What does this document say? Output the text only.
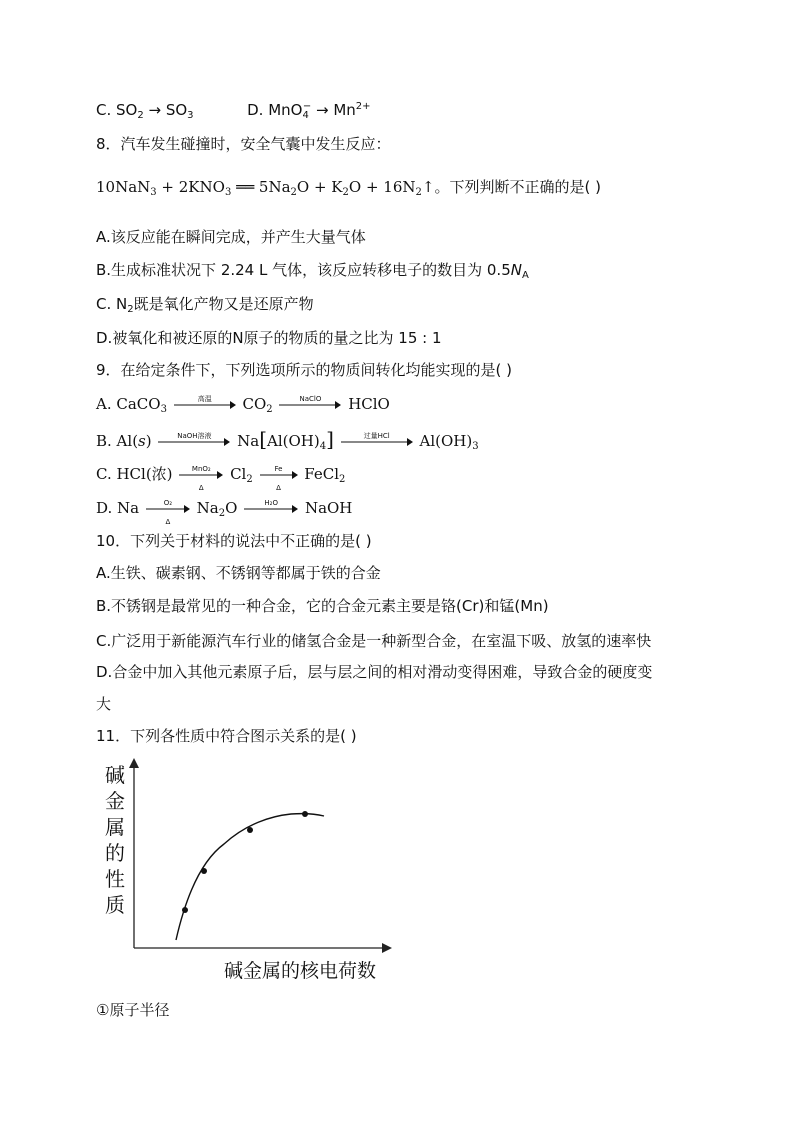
C. $SO_2 \to SO_3$	D. $MnO_4^- \to Mn^{2+}$
8．汽车发生碰撞时，安全气囊中发生反应：
$10NaN_3 + 2KNO_3$ ══ $5Na_2O + K_2O$ + $16N_2↑$。下列判断不正确的是( )
A.该反应能在瞬间完成，并产生大量气体
B.生成标准状况下 2.24 L 气体，该反应转移电子的数目为 $0.5N_A$
C. $N_2$既是氧化产物又是还原产物
D.被氧化和被还原的N原子的物质的量之比为 15 : 1
9．在给定条件下，下列选项所示的物质间转化均能实现的是( )
A. CaCO$_3$
高温	$CO_2$
NaClO	HClO
B. Al(s)	NaOH溶液	$Na[Al(OH)_4]$	过量HCl	$Al(OH)_3$
C. HCl(浓)	MnO₂
Δ
$Cl_2$
Fe
Δ
FeCl$_2$
D. Na	O₂
Δ
$Na_2O$	H₂O	NaOH
10．下列关于材料的说法中不正确的是( )
A.生铁、碳素钢、不锈钢等都属于铁的合金
B.不锈钢是最常见的一种合金，它的合金元素主要是铬(Cr)和锰(Mn)
C.广泛用于新能源汽车行业的储氢合金是一种新型合金，在室温下吸、放氢的速率快
D.合金中加入其他元素原子后，层与层之间的相对滑动变得困难，导致合金的硬度变
大
11．下列各性质中符合图示关系的是( )
碱金属的性质
碱金属的核电荷数
①原子半径
